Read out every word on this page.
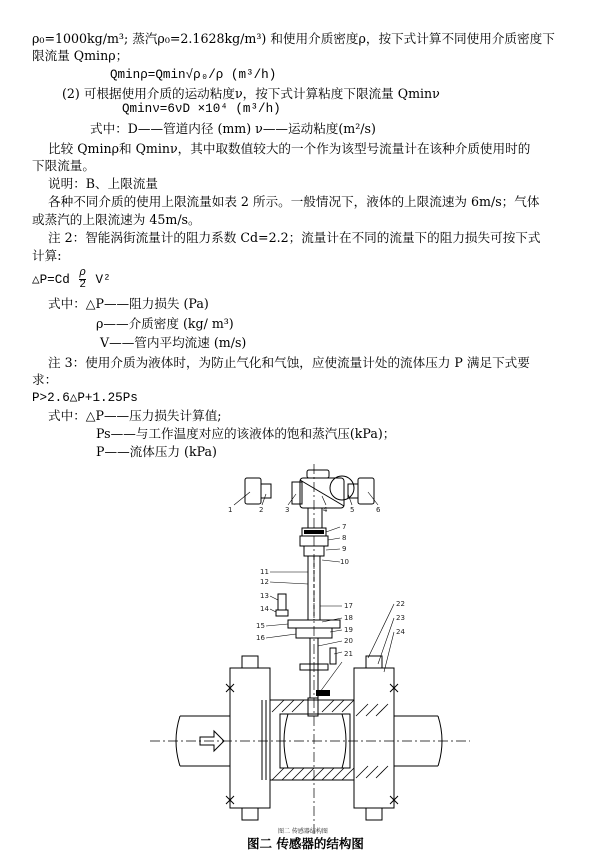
ρ₀=1000kg/m³; 蒸汽ρ₀=2.1628kg/m³) 和使用介质密度ρ，按下式计算不同使用介质密度下
限流量 Qminρ；
Qminρ=Qmin√ρ₀/ρ (m³/h)
(2) 可根据使用介质的运动粘度ν，按下式计算粘度下限流量 Qminν
Qminν=6νD ×10⁴ (m³/h)
式中：D——管道内径 (mm) ν——运动粘度(m²/s)
比较 Qminρ和 Qminν，其中取数值较大的一个作为该型号流量计在该种介质使用时的
下限流量。
说明：B、上限流量
各种不同介质的使用上限流量如表 2 所示。一般情况下，液体的上限流速为 6m/s；气体
或蒸汽的上限流速为 45m/s。
注 2：智能涡街流量计的阻力系数 Cd=2.2；流量计在不同的流量下的阻力损失可按下式
计算:
△P=Cd $\frac{\rho}{2} V^2$
式中：△P——阻力损失 (Pa)
ρ——介质密度 (kg/ m³)
V——管内平均流速 (m/s)
注 3：使用介质为液体时，为防止气化和气蚀，应使流量计处的流体压力 P 满足下式要
求：
P>2.6△P+1.25Ps
式中：△P——压力损失计算值;
Ps——与工作温度对应的该液体的饱和蒸汽压(kPa)；
P——流体压力 (kPa)
1	2	3	4	5	6
7
8
9
10
11
12
13
14
15
16
17
18
19
20
21
22
23
24
图二 传感器结构图
图二 传感器的结构图
